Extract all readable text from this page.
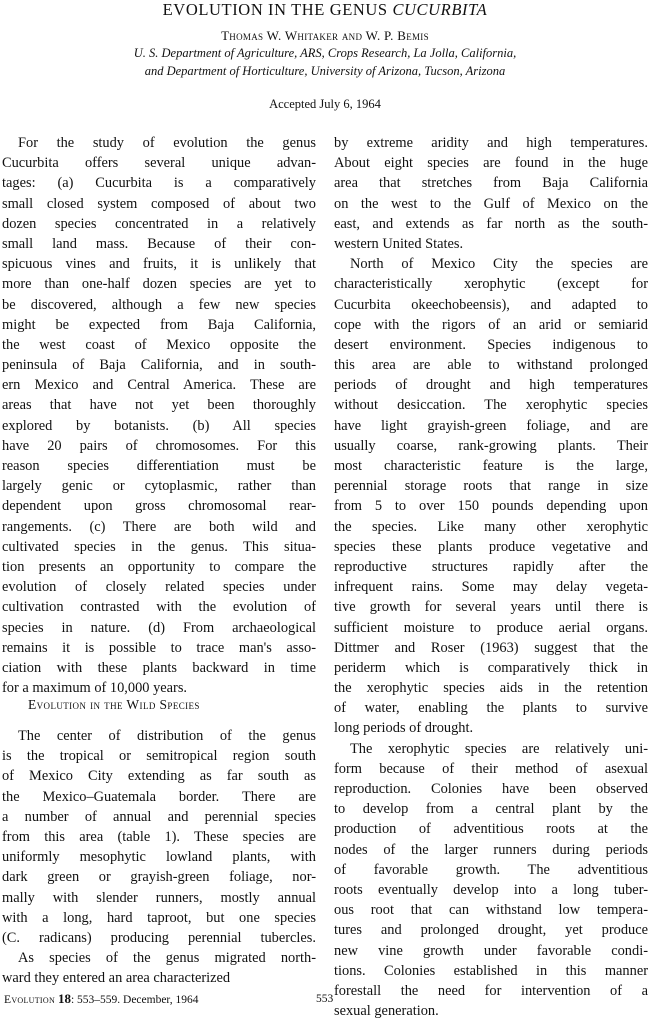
EVOLUTION IN THE GENUS CUCURBITA
Thomas W. Whitaker and W. P. Bemis
U. S. Department of Agriculture, ARS, Crops Research, La Jolla, California,
and Department of Horticulture, University of Arizona, Tucson, Arizona
Accepted July 6, 1964
For the study of evolution the genus
Cucurbita offers several unique advan-
tages: (a) Cucurbita is a comparatively
small closed system composed of about two
dozen species concentrated in a relatively
small land mass. Because of their con-
spicuous vines and fruits, it is unlikely that
more than one-half dozen species are yet to
be discovered, although a few new species
might be expected from Baja California,
the west coast of Mexico opposite the
peninsula of Baja California, and in south-
ern Mexico and Central America. These are
areas that have not yet been thoroughly
explored by botanists. (b) All species
have 20 pairs of chromosomes. For this
reason species differentiation must be
largely genic or cytoplasmic, rather than
dependent upon gross chromosomal rear-
rangements. (c) There are both wild and
cultivated species in the genus. This situa-
tion presents an opportunity to compare the
evolution of closely related species under
cultivation contrasted with the evolution of
species in nature. (d) From archaeological
remains it is possible to trace man's asso-
ciation with these plants backward in time
for a maximum of 10,000 years.
Evolution in the Wild Species
The center of distribution of the genus
is the tropical or semitropical region south
of Mexico City extending as far south as
the Mexico–Guatemala border. There are
a number of annual and perennial species
from this area (table 1). These species are
uniformly mesophytic lowland plants, with
dark green or grayish-green foliage, nor-
mally with slender runners, mostly annual
with a long, hard taproot, but one species
(C. radicans) producing perennial tubercles.
As species of the genus migrated north-
ward they entered an area characterized
by extreme aridity and high temperatures.
About eight species are found in the huge
area that stretches from Baja California
on the west to the Gulf of Mexico on the
east, and extends as far north as the south-
western United States.
North of Mexico City the species are
characteristically xerophytic (except for
Cucurbita okeechobeensis), and adapted to
cope with the rigors of an arid or semiarid
desert environment. Species indigenous to
this area are able to withstand prolonged
periods of drought and high temperatures
without desiccation. The xerophytic species
have light grayish-green foliage, and are
usually coarse, rank-growing plants. Their
most characteristic feature is the large,
perennial storage roots that range in size
from 5 to over 150 pounds depending upon
the species. Like many other xerophytic
species these plants produce vegetative and
reproductive structures rapidly after the
infrequent rains. Some may delay vegeta-
tive growth for several years until there is
sufficient moisture to produce aerial organs.
Dittmer and Roser (1963) suggest that the
periderm which is comparatively thick in
the xerophytic species aids in the retention
of water, enabling the plants to survive
long periods of drought.
The xerophytic species are relatively uni-
form because of their method of asexual
reproduction. Colonies have been observed
to develop from a central plant by the
production of adventitious roots at the
nodes of the larger runners during periods
of favorable growth. The adventitious
roots eventually develop into a long tuber-
ous root that can withstand low tempera-
tures and prolonged drought, yet produce
new vine growth under favorable condi-
tions. Colonies established in this manner
forestall the need for intervention of a
sexual generation.
Evolution 18: 553–559. December, 1964	553
